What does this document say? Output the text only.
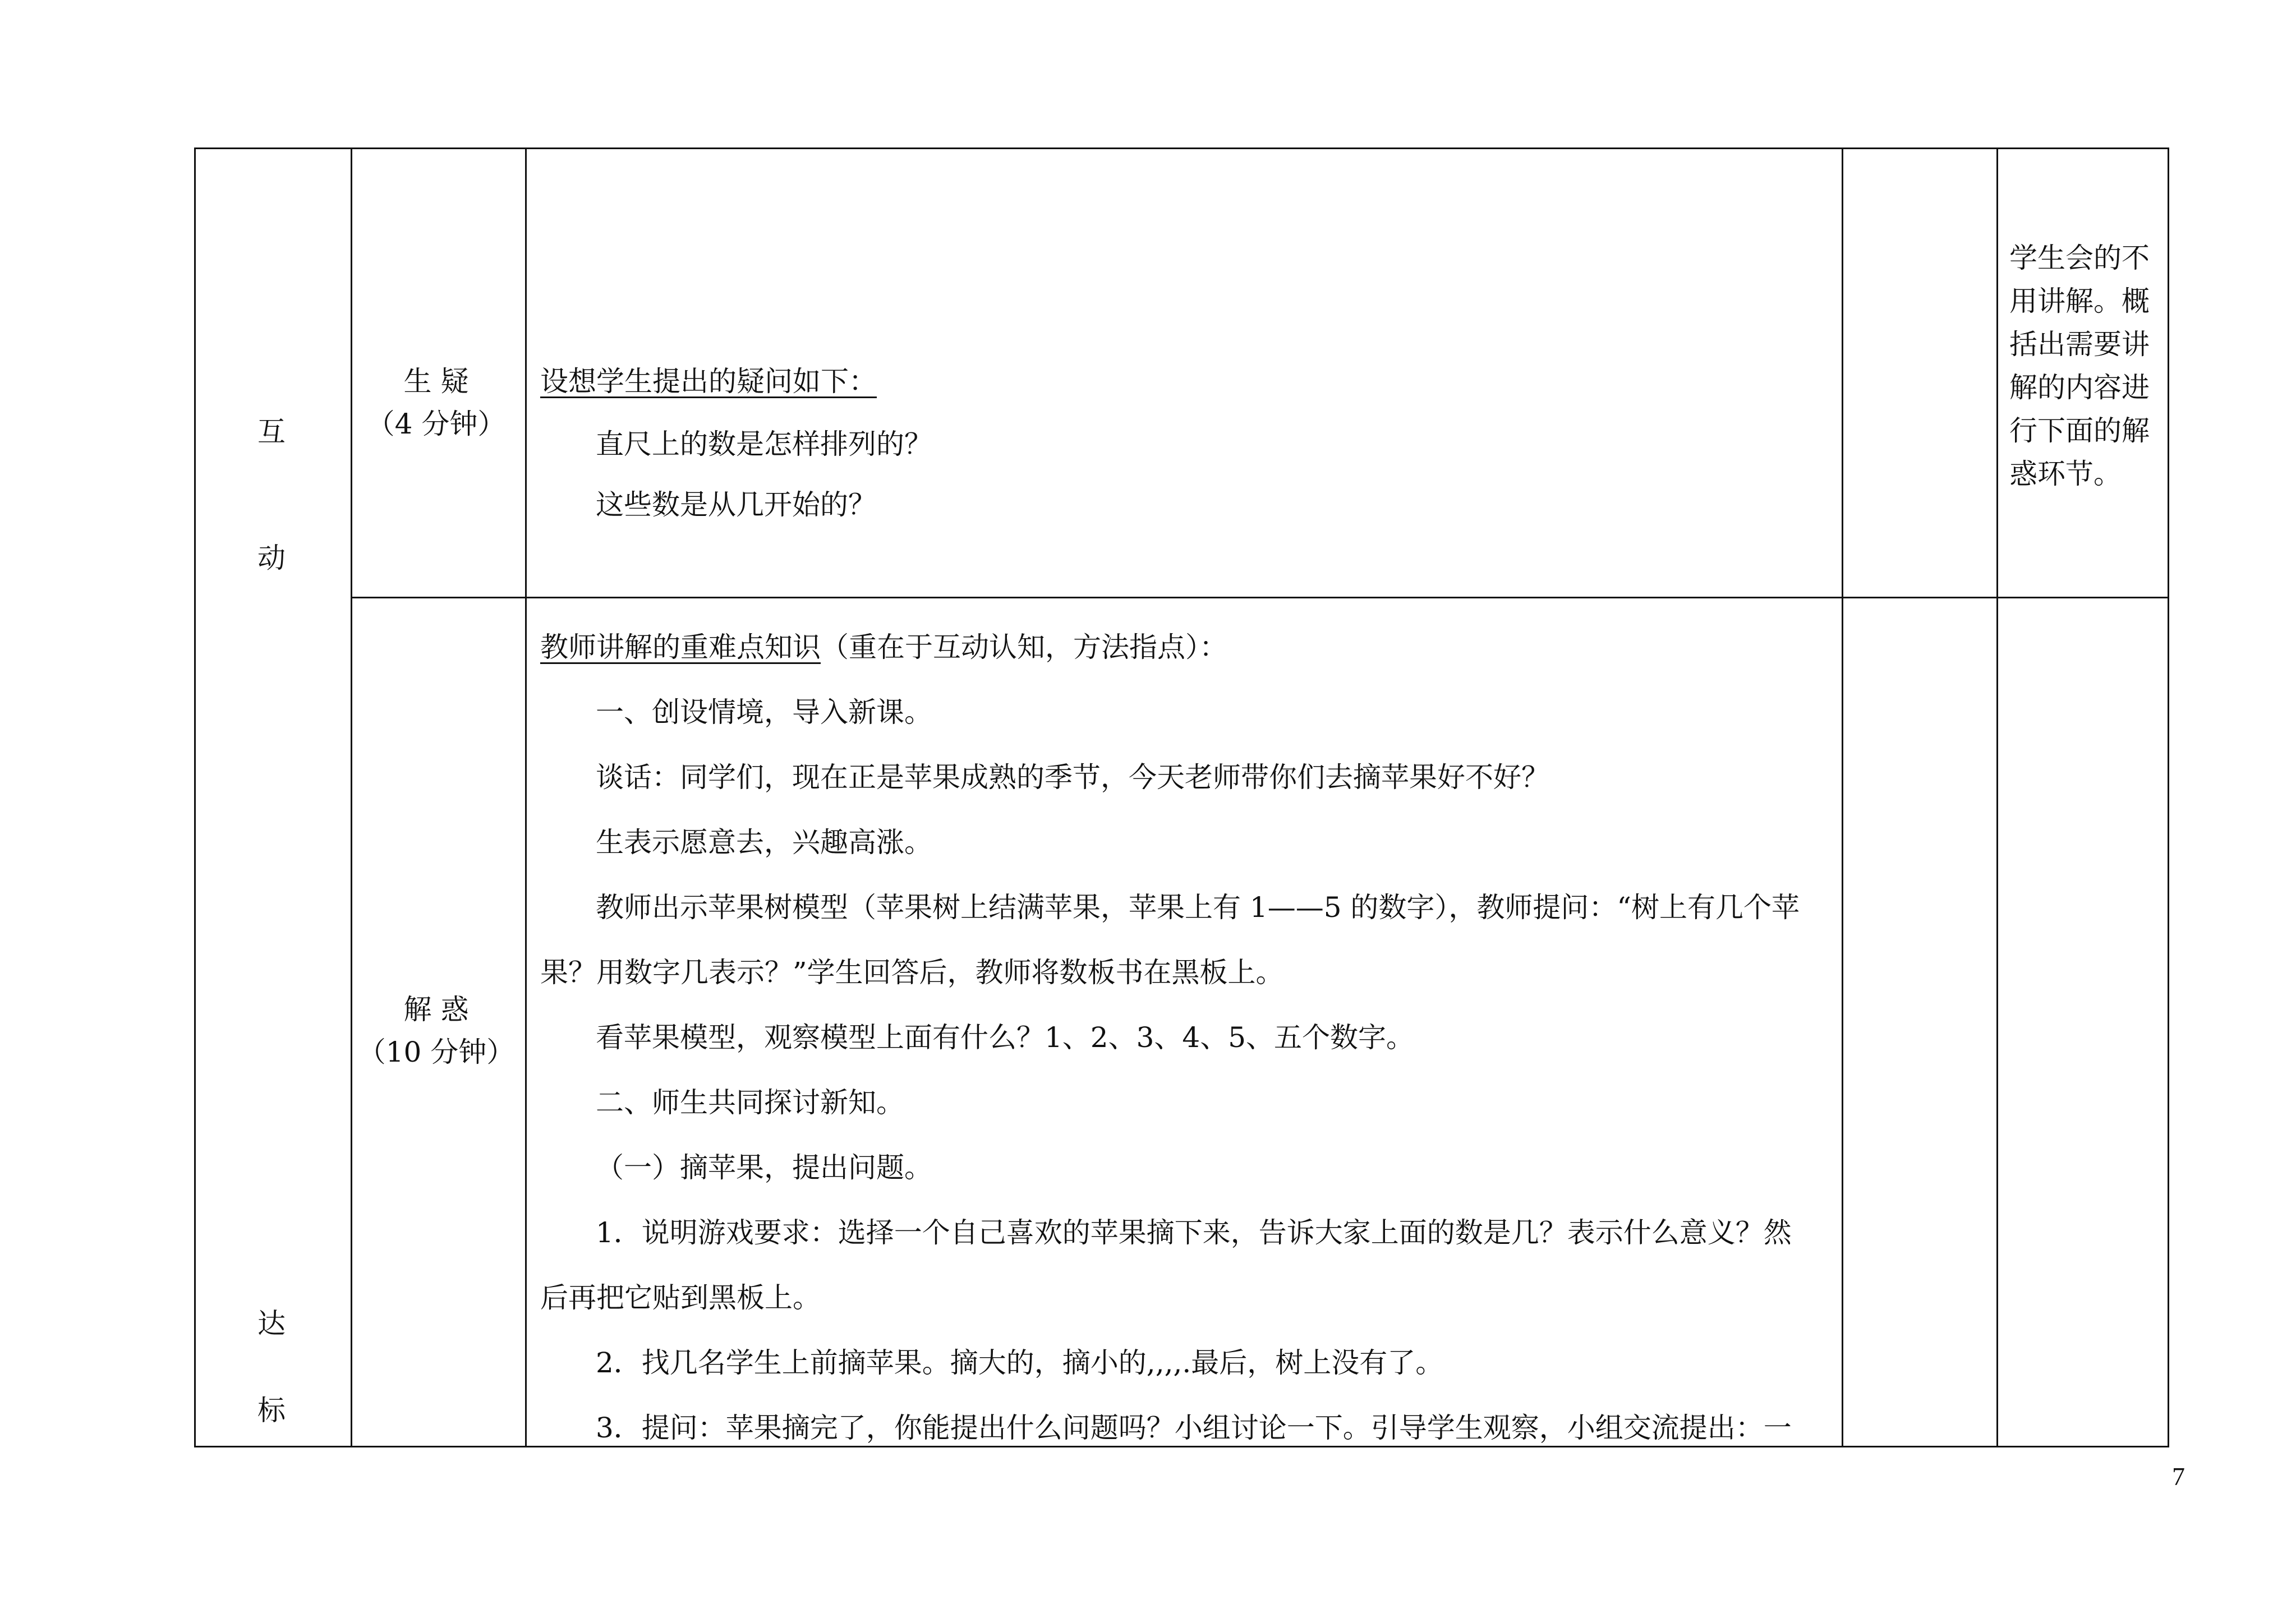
互
动
达
标
生 疑
（4 分钟）
设想学生提出的疑问如下：
直尺上的数是怎样排列的？
这些数是从几开始的？
学生会的不
用讲解。概
括出需要讲
解的内容进
行下面的解
惑环节。
解 惑
（10 分钟）
教师讲解的重难点知识（重在于互动认知，方法指点）：
一、创设情境，导入新课。
谈话：同学们，现在正是苹果成熟的季节，今天老师带你们去摘苹果好不好？
生表示愿意去，兴趣高涨。
教师出示苹果树模型（苹果树上结满苹果，苹果上有 1——5 的数字），教师提问：“树上有几个苹
果？用数字几表示？”学生回答后，教师将数板书在黑板上。
看苹果模型，观察模型上面有什么？1、2、3、4、5、五个数字。
二、师生共同探讨新知。
（一）摘苹果，提出问题。
1．说明游戏要求：选择一个自己喜欢的苹果摘下来，告诉大家上面的数是几？表示什么意义？然
后再把它贴到黑板上。
2．找几名学生上前摘苹果。摘大的，摘小的,,,,.最后，树上没有了。
3．提问：苹果摘完了，你能提出什么问题吗？小组讨论一下。引导学生观察，小组交流提出：一
7
